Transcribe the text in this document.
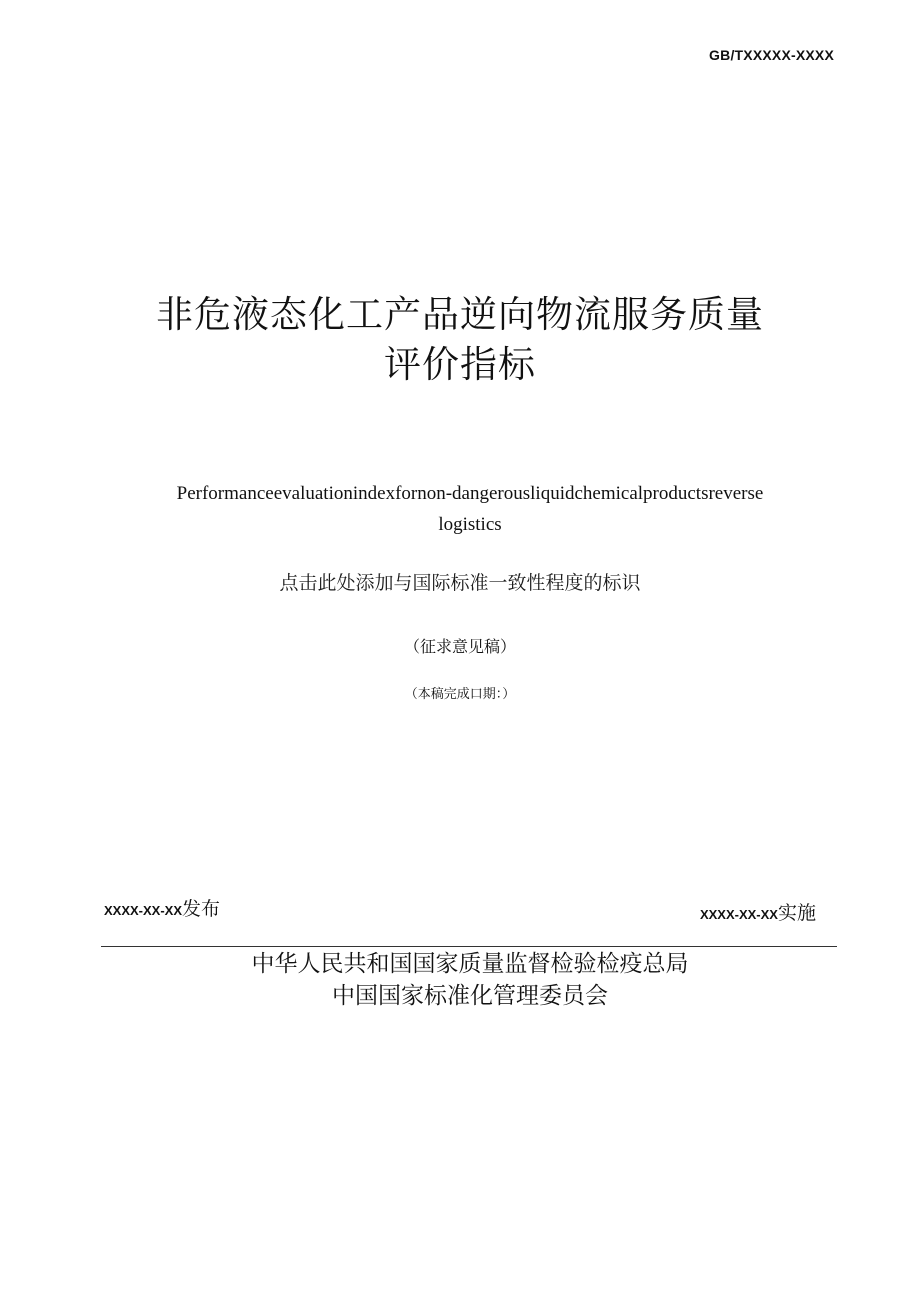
GB/TXXXXX-XXXX
非危液态化工产品逆向物流服务质量
评价指标
Performanceevaluationindexfornon-dangerousliquidchemicalproductsreverse
logistics
点击此处添加与国际标准一致性程度的标识
（征求意见稿）
（本稿完成口期：）
XXXX-XX-XX发布	XXXX-XX-XX实施
中华人民共和国国家质量监督检验检疫总局
中国国家标准化管理委员会
